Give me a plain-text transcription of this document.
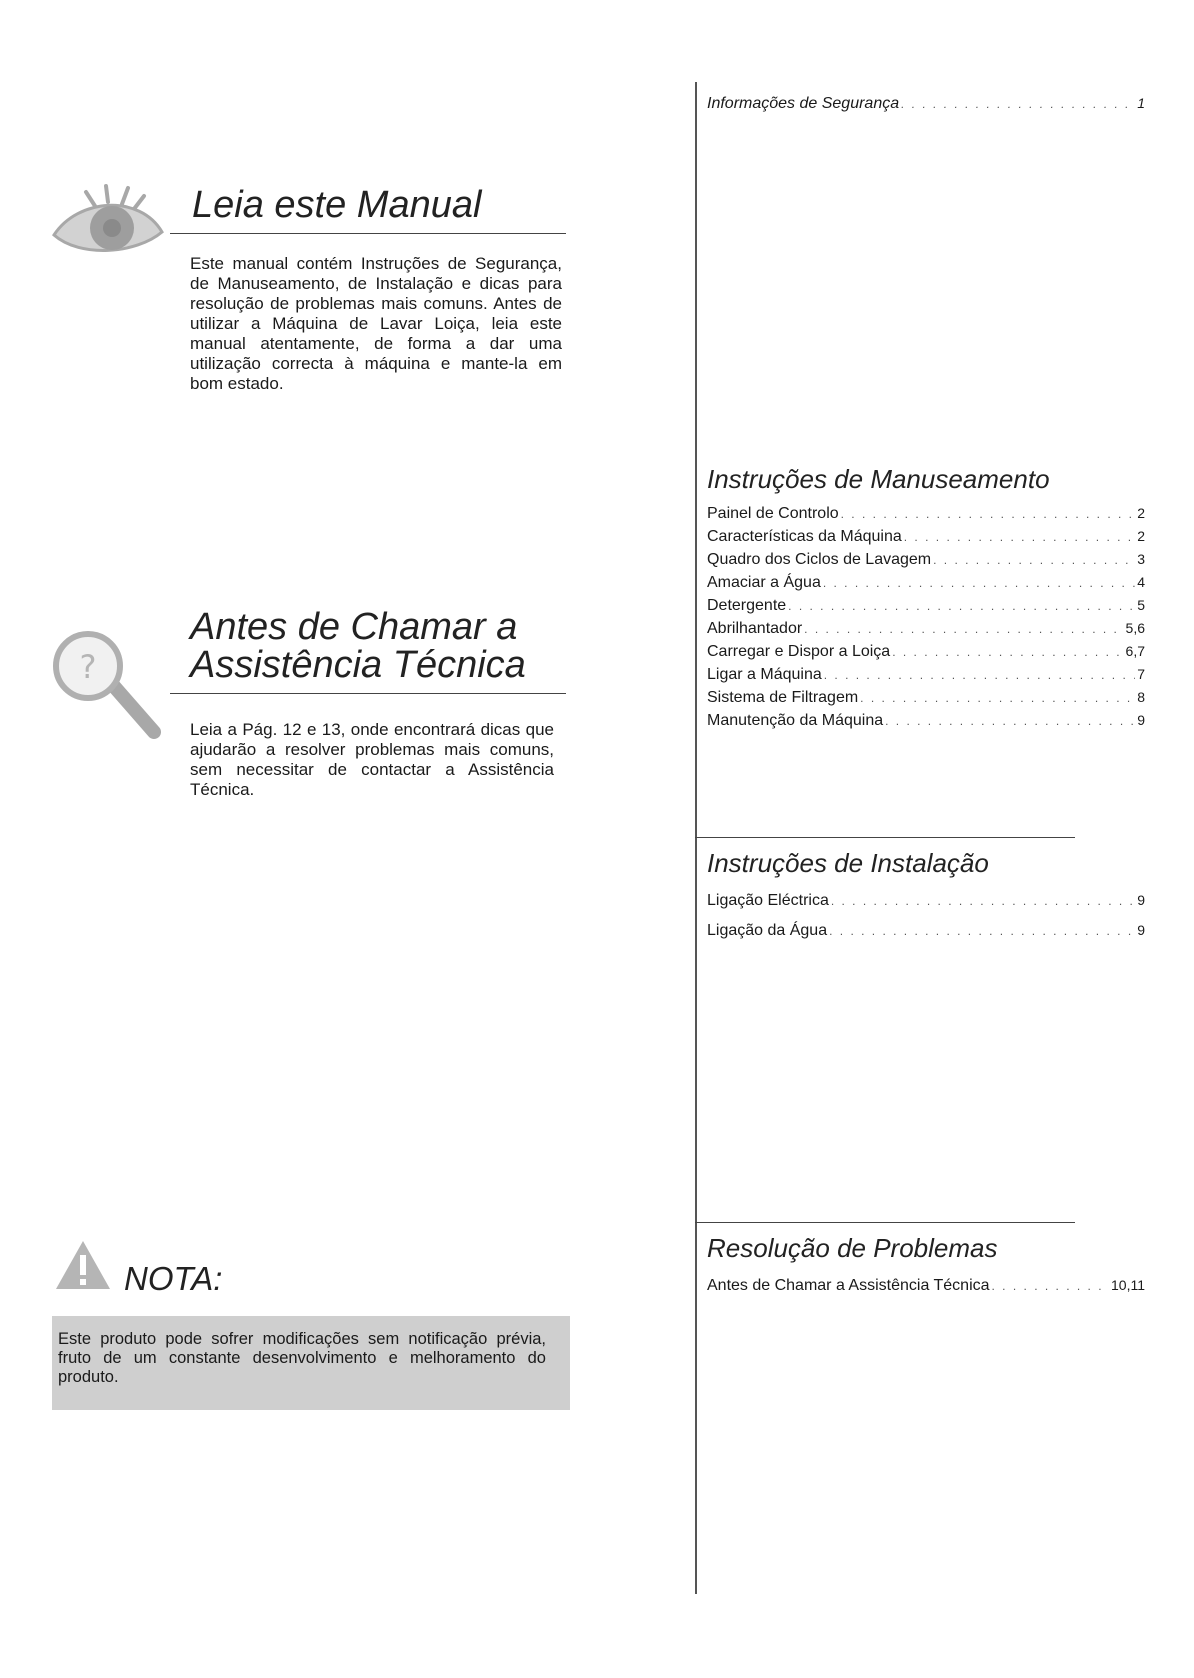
Leia este Manual

Este manual contém Instruções de Segurança, de Manuseamento, de Instalação e dicas para resolução de problemas mais comuns. Antes de utilizar a Máquina de Lavar Loiça, leia este manual atentamente, de forma a dar uma utilização correcta à máquina e mante-la em bom estado.

?
Antes de Chamar a
Assistência Técnica

Leia a Pág. 12 e 13, onde encontrará dicas que ajudarão a resolver problemas mais comuns, sem necessitar de contactar a Assistência Técnica.

NOTA:
Este produto pode sofrer modificações sem notificação prévia, fruto de um constante desenvolvimento e melhoramento do produto.
Informações de Segurança . . .	1
Instruções de Manuseamento
Painel de Controlo . . .	2
Características da Máquina . . .	2
Quadro dos Ciclos de Lavagem . . .	3
Amaciar a Água . . .	4
Detergente . . .	5
Abrilhantador . . .	5,6
Carregar e Dispor a Loiça . . .	6,7
Ligar a Máquina . . .	7
Sistema de Filtragem . . .	8
Manutenção da Máquina . . .	9
Instruções de Instalação
Ligação Eléctrica . . .	9
Ligação da Água . . .	9
Resolução de Problemas
Antes de Chamar a Assistência Técnica . . .	10,11
